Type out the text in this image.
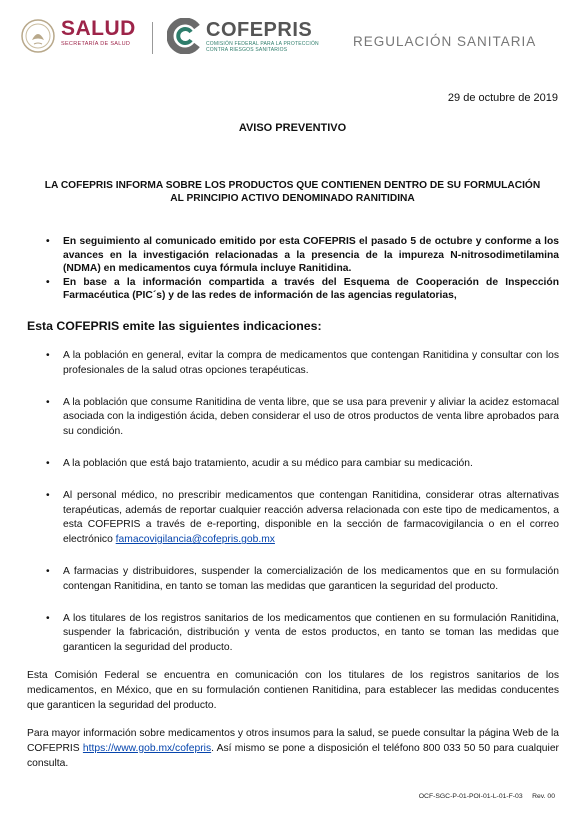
SALUD
SECRETARÍA DE SALUD
COFEPRIS
COMISIÓN FEDERAL PARA LA PROTECCIÓN
CONTRA RIESGOS SANITARIOS
REGULACIÓN SANITARIA
29 de octubre de 2019
AVISO PREVENTIVO
LA COFEPRIS INFORMA SOBRE LOS PRODUCTOS QUE CONTIENEN DENTRO DE SU FORMULACIÓN AL PRINCIPIO ACTIVO DENOMINADO RANITIDINA
• En seguimiento al comunicado emitido por esta COFEPRIS el pasado 5 de octubre y conforme a los avances en la investigación relacionadas a la presencia de la impureza N-nitrosodimetilamina (NDMA) en medicamentos cuya fórmula incluye Ranitidina.
• En base a la información compartida a través del Esquema de Cooperación de Inspección Farmacéutica (PIC´s) y de las redes de información de las agencias regulatorias,
Esta COFEPRIS emite las siguientes indicaciones:
• A la población en general, evitar la compra de medicamentos que contengan Ranitidina y consultar con los profesionales de la salud otras opciones terapéuticas.
• A la población que consume Ranitidina de venta libre, que se usa para prevenir y aliviar la acidez estomacal asociada con la indigestión ácida, deben considerar el uso de otros productos de venta libre aprobados para su condición.
• A la población que está bajo tratamiento, acudir a su médico para cambiar su medicación.
• Al personal médico, no prescribir medicamentos que contengan Ranitidina, considerar otras alternativas terapéuticas, además de reportar cualquier reacción adversa relacionada con este tipo de medicamentos, a esta COFEPRIS a través de e-reporting, disponible en la sección de farmacovigilancia o en el correo electrónico famacovigilancia@cofepris.gob.mx
• A farmacias y distribuidores, suspender la comercialización de los medicamentos que en su formulación contengan Ranitidina, en tanto se toman las medidas que garanticen la seguridad del producto.
• A los titulares de los registros sanitarios de los medicamentos que contienen en su formulación Ranitidina, suspender la fabricación, distribución y venta de estos productos, en tanto se toman las medidas que garanticen la seguridad del producto.
Esta Comisión Federal se encuentra en comunicación con los titulares de los registros sanitarios de los medicamentos, en México, que en su formulación contienen Ranitidina, para establecer las medidas conducentes que garanticen la seguridad del producto.
Para mayor información sobre medicamentos y otros insumos para la salud, se puede consultar la página Web de la COFEPRIS https://www.gob.mx/cofepris. Así mismo se pone a disposición el teléfono 800 033 50 50 para cualquier consulta.
OCF-SGC-P-01-POI-01-L-01-F-03 Rev. 00
